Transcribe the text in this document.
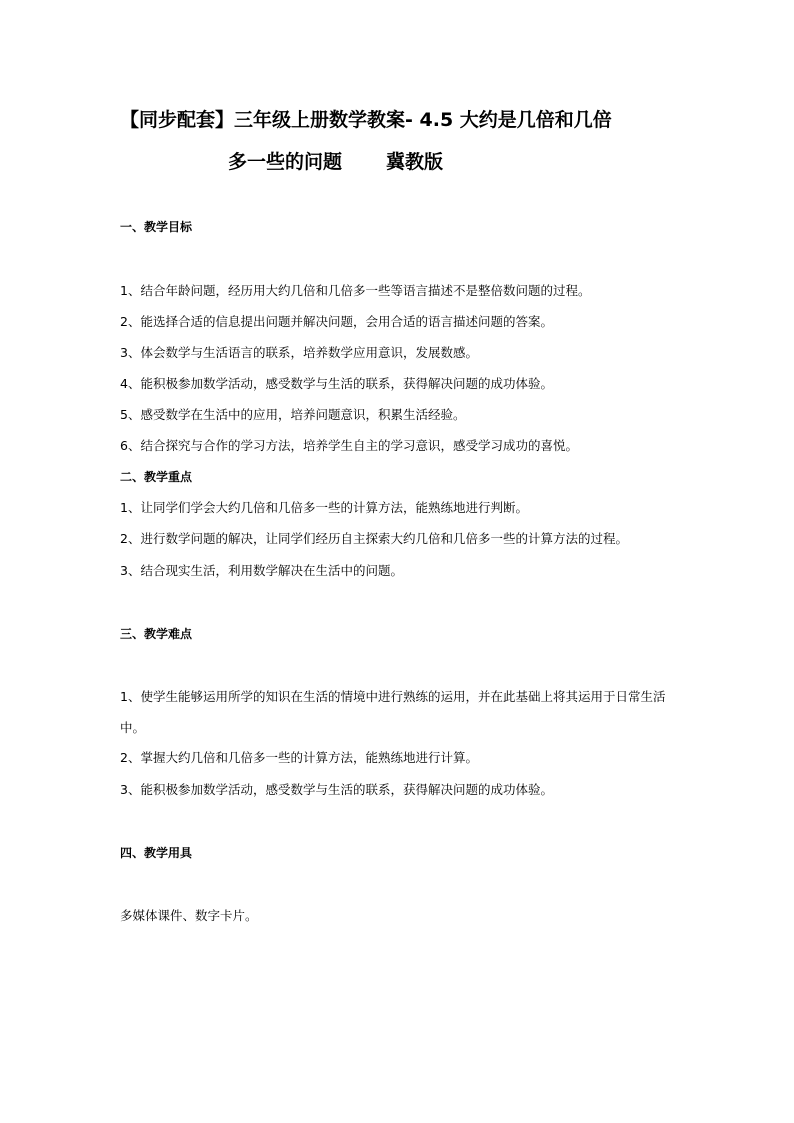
【同步配套】三年级上册数学教案- 4.5 大约是几倍和几倍
多一些的问题 冀教版
一、教学目标
1、结合年龄问题，经历用大约几倍和几倍多一些等语言描述不是整倍数问题的过程。
2、能选择合适的信息提出问题并解决问题，会用合适的语言描述问题的答案。
3、体会数学与生活语言的联系，培养数学应用意识，发展数感。
4、能积极参加数学活动，感受数学与生活的联系，获得解决问题的成功体验。
5、感受数学在生活中的应用，培养问题意识，积累生活经验。
6、结合探究与合作的学习方法，培养学生自主的学习意识，感受学习成功的喜悦。
二、教学重点
1、让同学们学会大约几倍和几倍多一些的计算方法，能熟练地进行判断。
2、进行数学问题的解决，让同学们经历自主探索大约几倍和几倍多一些的计算方法的过程。
3、结合现实生活，利用数学解决在生活中的问题。
三、教学难点
1、使学生能够运用所学的知识在生活的情境中进行熟练的运用，并在此基础上将其运用于日常生活中。
2、掌握大约几倍和几倍多一些的计算方法，能熟练地进行计算。
3、能积极参加数学活动，感受数学与生活的联系，获得解决问题的成功体验。
四、教学用具
多媒体课件、数字卡片。
